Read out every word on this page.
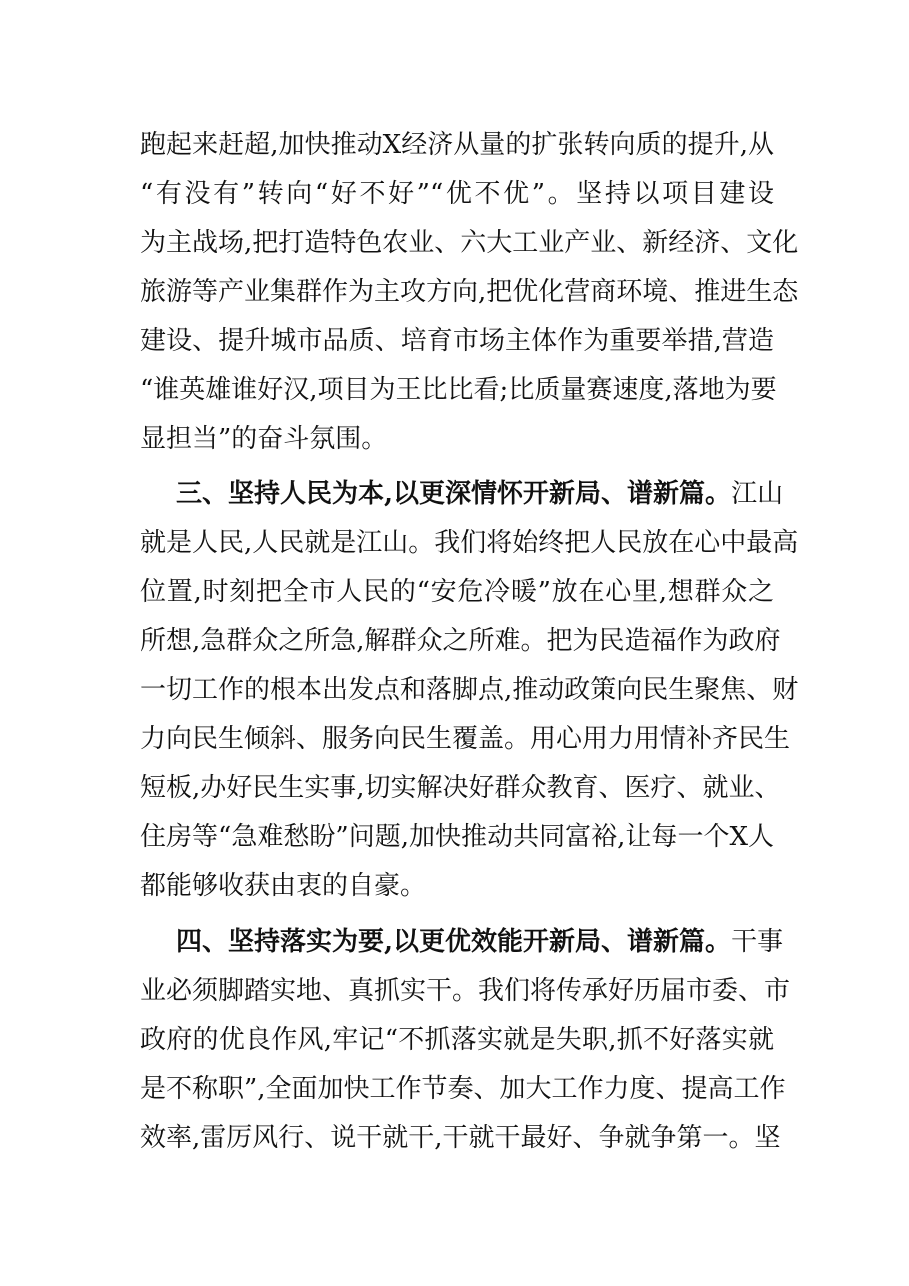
跑起来赶超,加快推动X经济从量的扩张转向质的提升,从
“有没有”转向“好不好”“优不优”。坚持以项目建设
为主战场,把打造特色农业、六大工业产业、新经济、文化
旅游等产业集群作为主攻方向,把优化营商环境、推进生态
建设、提升城市品质、培育市场主体作为重要举措,营造
“谁英雄谁好汉,项目为王比比看;比质量赛速度,落地为要
显担当”的奋斗氛围。
三、坚持人民为本,以更深情怀开新局、谱新篇。江山
就是人民,人民就是江山。我们将始终把人民放在心中最高
位置,时刻把全市人民的“安危冷暖”放在心里,想群众之
所想,急群众之所急,解群众之所难。把为民造福作为政府
一切工作的根本出发点和落脚点,推动政策向民生聚焦、财
力向民生倾斜、服务向民生覆盖。用心用力用情补齐民生
短板,办好民生实事,切实解决好群众教育、医疗、就业、
住房等“急难愁盼”问题,加快推动共同富裕,让每一个X人
都能够收获由衷的自豪。
四、坚持落实为要,以更优效能开新局、谱新篇。干事
业必须脚踏实地、真抓实干。我们将传承好历届市委、市
政府的优良作风,牢记“不抓落实就是失职,抓不好落实就
是不称职”,全面加快工作节奏、加大工作力度、提高工作
效率,雷厉风行、说干就干,干就干最好、争就争第一。坚
